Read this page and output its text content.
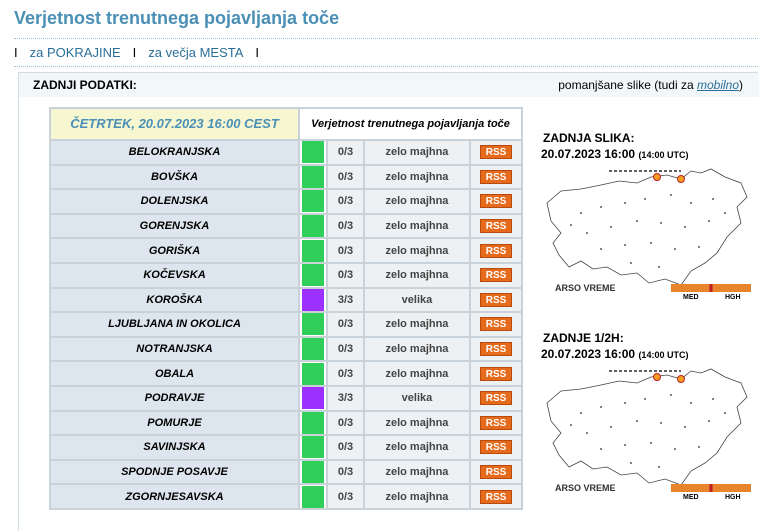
Verjetnost trenutnega pojavljanja toče
I za POKRAJINE I za večja MESTA I
ZADNJI PODATKI:	pomanjšane slike (tudi za mobilno)
ČETRTEK, 20.07.2023 16:00 CEST	Verjetnost trenutnega pojavljanja toče			
BELOKRANJSKA		0/3	zelo majhna	RSS
BOVŠKA		0/3	zelo majhna	RSS
DOLENJSKA		0/3	zelo majhna	RSS
GORENJSKA		0/3	zelo majhna	RSS
GORIŠKA		0/3	zelo majhna	RSS
KOČEVSKA		0/3	zelo majhna	RSS
KOROŠKA		3/3	velika	RSS
LJUBLJANA IN OKOLICA		0/3	zelo majhna	RSS
NOTRANJSKA		0/3	zelo majhna	RSS
OBALA		0/3	zelo majhna	RSS
PODRAVJE		3/3	velika	RSS
POMURJE		0/3	zelo majhna	RSS
SAVINJSKA		0/3	zelo majhna	RSS
SPODNJE POSAVJE		0/3	zelo majhna	RSS
ZGORNJESAVSKA		0/3	zelo majhna	RSS
ZADNJA SLIKA:
20.07.2023 16:00 (14:00 UTC)
ARSO VREME
MED	HGH
ZADNJE 1/2H:
20.07.2023 16:00 (14:00 UTC)
ARSO VREME
MED	HGH
